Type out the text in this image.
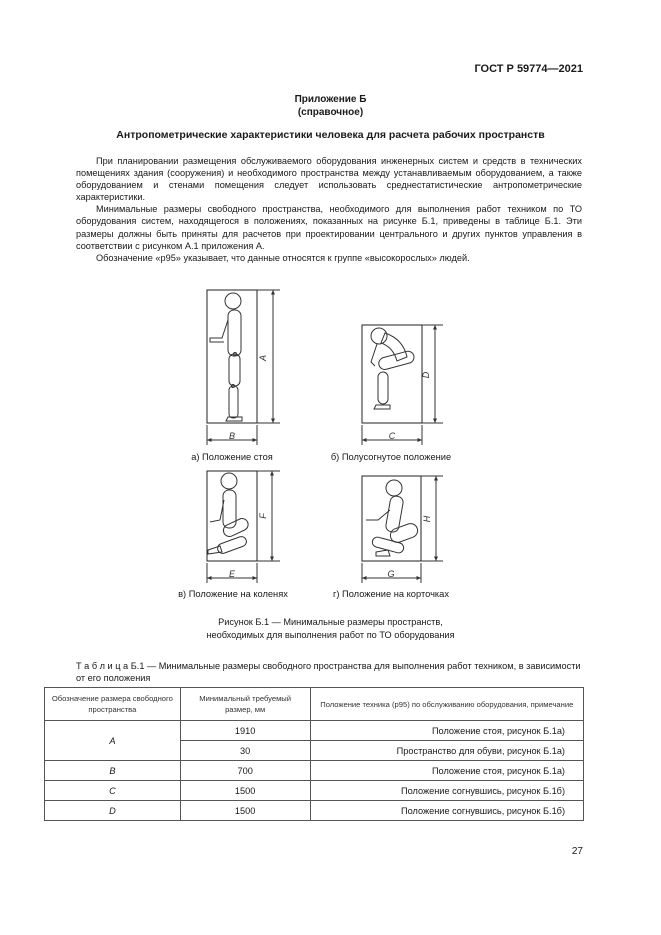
ГОСТ Р 59774—2021
Приложение Б
(справочное)
Антропометрические характеристики человека для расчета рабочих пространств

При планировании размещения обслуживаемого оборудования инженерных систем и средств в технических помещениях здания (сооружения) и необходимого пространства между устанавливаемым оборудованием, а также оборудованием и стенами помещения следует использовать среднестатистические антропометрические характеристики.

Минимальные размеры свободного пространства, необходимого для выполнения работ техником по ТО оборудования систем, находящегося в положениях, показанных на рисунке Б.1, приведены в таблице Б.1. Эти размеры должны быть приняты для расчетов при проектировании центрального и других пунктов управления в соответствии с рисунком А.1 приложения А.

Обозначение «р95» указывает, что данные относятся к группе «высокорослых» людей.

B
A
C
D
E
F
G
H
а) Положение стоя	б) Полусогнутое положение
в) Положение на коленях	г) Положение на корточках
Рисунок Б.1 — Минимальные размеры пространств,
необходимых для выполнения работ по ТО оборудования
Т а б л и ц а Б.1 — Минимальные размеры свободного пространства для выполнения работ техником, в зависимости от его положения
Обозначение размера свободного пространства	Минимальный требуемый размер, мм	Положение техника (р95) по обслуживанию оборудования, примечание
A	1910	Положение стоя, рисунок Б.1а)
	30	Пространство для обуви, рисунок Б.1а)
B	700	Положение стоя, рисунок Б.1а)
C	1500	Положение согнувшись, рисунок Б.1б)
D	1500	Положение согнувшись, рисунок Б.1б)
27
